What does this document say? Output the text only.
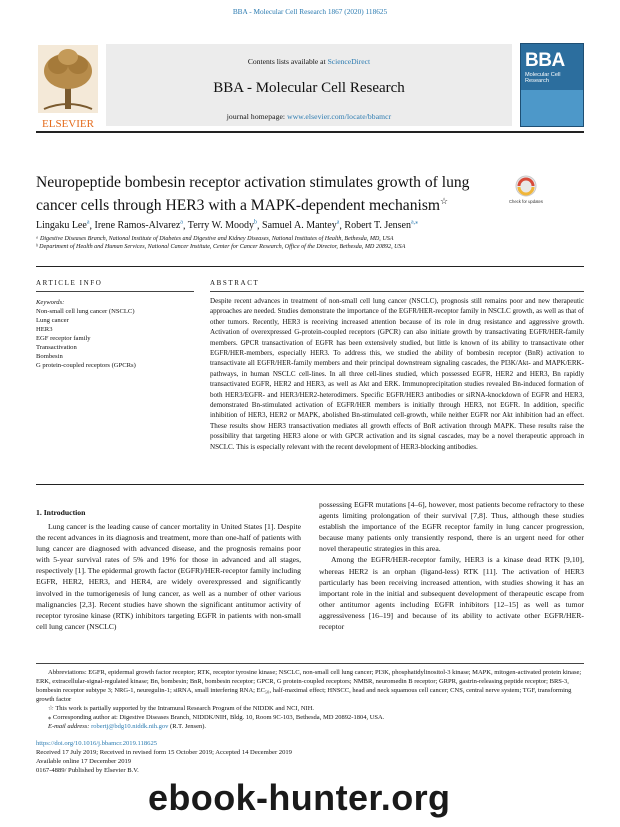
BBA - Molecular Cell Research 1867 (2020) 118625
Contents lists available at ScienceDirect
BBA - Molecular Cell Research
journal homepage: www.elsevier.com/locate/bbamcr
ELSEVIER
BBA
Molecular Cell Research
Neuropeptide bombesin receptor activation stimulates growth of lung cancer cells through HER3 with a MAPK-dependent mechanism☆	Check for updates
Lingaku Lee$^a$, Irene Ramos-Alvarez$^a$, Terry W. Moody$^b$, Samuel A. Mantey$^a$, Robert T. Jensen$^{a,⁎}$
ᵃ Digestive Diseases Branch, National Institute of Diabetes and Digestive and Kidney Diseases, National Institutes of Health, Bethesda, MD, USA
ᵇ Department of Health and Human Services, National Cancer Institute, Center for Cancer Research, Office of the Director, Bethesda, MD 20892, USA
ARTICLE INFO	ABSTRACT
Keywords:
Non-small cell lung cancer (NSCLC)
Lung cancer
HER3
EGF receptor family
Transactivation
Bombesin
G protein-coupled receptors (GPCRs)

Despite recent advances in treatment of non-small cell lung cancer (NSCLC), prognosis still remains poor and new therapeutic approaches are needed. Studies demonstrate the importance of the EGFR/HER-receptor family in NSCLC growth, as well as that of other tumors. Recently, HER3 is receiving increased attention because of its role in drug resistance and aggressive growth. Activation of overexpressed G-protein-coupled receptors (GPCR) can also initiate growth by transactivating EGFR/HER-family members. GPCR transactivation of EGFR has been extensively studied, but little is known of its ability to transactivate other EGFR/HER-members, especially HER3. To address this, we studied the ability of bombesin receptor (BnR) activation to transactivate all EGFR/HER-family members and their principal downstream signaling cascades, the PI3K/Akt- and MAPK/ERK-pathways, in human NSCLC cell-lines. In all three cell-lines studied, which possessed EGFR, HER2 and HER3, Bn rapidly transactivated EGFR, HER2 and HER3, as well as Akt and ERK. Immunoprecipitation studies revealed Bn-induced formation of both HER3/EGFR- and HER3/HER2-heterodimers. Specific EGFR/HER3 antibodies or siRNA-knockdown of EGFR and HER3, demonstrated Bn-stimulated activation of EGFR/HER members is initially through HER3, not EGFR. In addition, specific inhibition of HER3, HER2 or MAPK, abolished Bn-stimulated cell-growth, while neither EGFR nor Akt inhibition had an effect. These results show HER3 transactivation mediates all growth effects of BnR activation through MAPK. These results raise the possibility that targeting HER3 alone or with GPCR activation and its signal cascades, may be a novel therapeutic approach in NSCLC. This is especially relevant with the recent development of HER3-blocking antibodies.

1. Introduction

Lung cancer is the leading cause of cancer mortality in United States [1]. Despite the recent advances in its diagnosis and treatment, more than one-half of patients with lung cancer are diagnosed with advanced disease, and the prognosis remains poor with 5-year survival rates of 5% and 19% for those in advanced and all stages, respectively [1]. The epidermal growth factor (EGFR)/HER-receptor family including EGFR, HER2, HER3, and HER4, are widely overexpressed and significantly involved in the tumorigenesis of lung cancer, as well as a number of other various malignancies [2,3]. Recent studies have shown the significant antitumor activity of receptor tyrosine kinase (RTK) inhibitors targeting EGFR in patients with non-small cell lung cancer (NSCLC)

possessing EGFR mutations [4–6], however, most patients become refractory to these agents limiting prolongation of their survival [7,8]. Thus, although these studies establish the importance of the EGFR receptor family in lung cancer progression, because many patients only transiently respond, there is an urgent need for other novel therapeutic strategies in this area.

Among the EGFR/HER-receptor family, HER3 is a kinase dead RTK [9,10], whereas HER2 is an orphan (ligand-less) RTK [11]. The activation of HER3 particularly has been receiving increased attention, with studies showing it has an important role in the initial and subsequent development of therapeutic escape from other antitumor agents including EGFR inhibitors [12–15] as well as tumor aggressiveness [16–19] and because of its ability to activate other EGFR/HER-receptor

Abbreviations: EGFR, epidermal growth factor receptor; RTK, receptor tyrosine kinase; NSCLC, non-small cell lung cancer; PI3K, phosphatidylinositol-3 kinase; MAPK, mitogen-activated protein kinase; ERK, extracellular-signal-regulated kinase; Bn, bombesin; BnR, bombesin receptor; GPCR, G protein-coupled receptors; NMBR, neuromedin B receptor; GRPR, gastrin-releasing peptide receptor; BRS-3, bombesin receptor subtype 3; NRG-1, neuregulin-1; siRNA, small interfering RNA; EC₅₀, half-maximal effect; HNSCC, head and neck squamous cell cancer; CNS, central nerve system; TGF, transforming growth factor

☆ This work is partially supported by the Intramural Research Program of the NIDDK and NCI, NIH.

⁎ Corresponding author at: Digestive Diseases Branch, NIDDK/NIH, Bldg. 10, Room 9C-103, Bethesda, MD 20892-1804, USA.

E-mail address: robertj@bdg10.niddk.nih.gov (R.T. Jensen).

https://doi.org/10.1016/j.bbamcr.2019.118625
Received 17 July 2019; Received in revised form 15 October 2019; Accepted 14 December 2019
Available online 17 December 2019
0167-4889/ Published by Elsevier B.V.
ebook-hunter.org
